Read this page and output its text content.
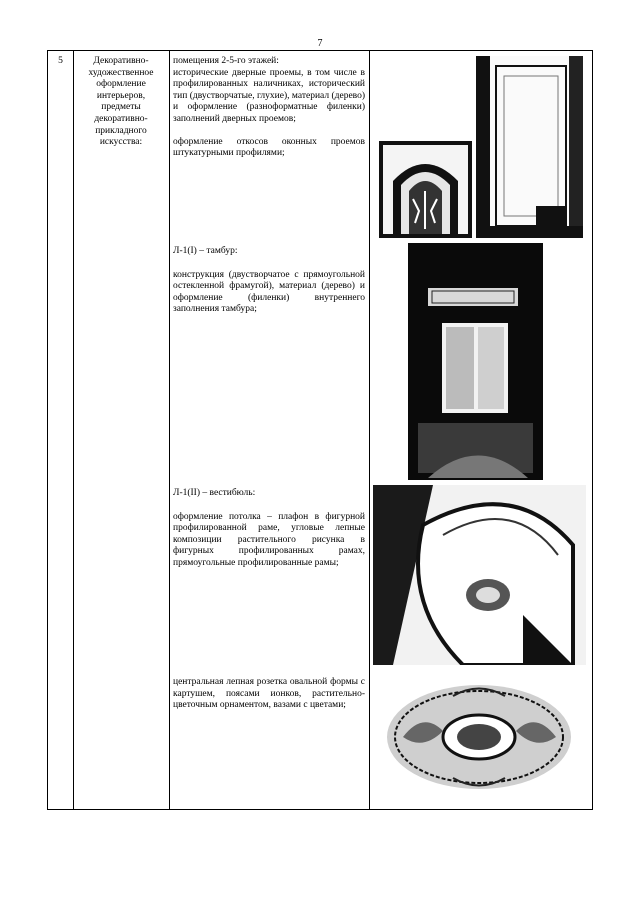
7
5	Декоративно-художественное оформление интерьеров, предметы декоративно-прикладного искусства:
помещения 2-5-го этажей:
исторические дверные проемы, в том числе в профилированных наличниках, исторический тип (двустворчатые, глухие), материал (дерево) и оформление (разноформатные филенки) заполнений дверных проемов;
оформление откосов оконных проемов штукатурными профилями;
Л-1(I) – тамбур:
конструкция (двустворчатое с прямоугольной остекленной фрамугой), материал (дерево) и оформление (филенки) внутреннего заполнения тамбура;
Л-1(II) – вестибюль:
оформление потолка – плафон в фигурной профилированной раме, угловые лепные композиции растительного рисунка в фигурных профилированных рамах, прямоугольные профилированные рамы;
центральная лепная розетка овальной формы с картушем, поясами ионков, растительно-цветочным орнаментом, вазами с цветами;
